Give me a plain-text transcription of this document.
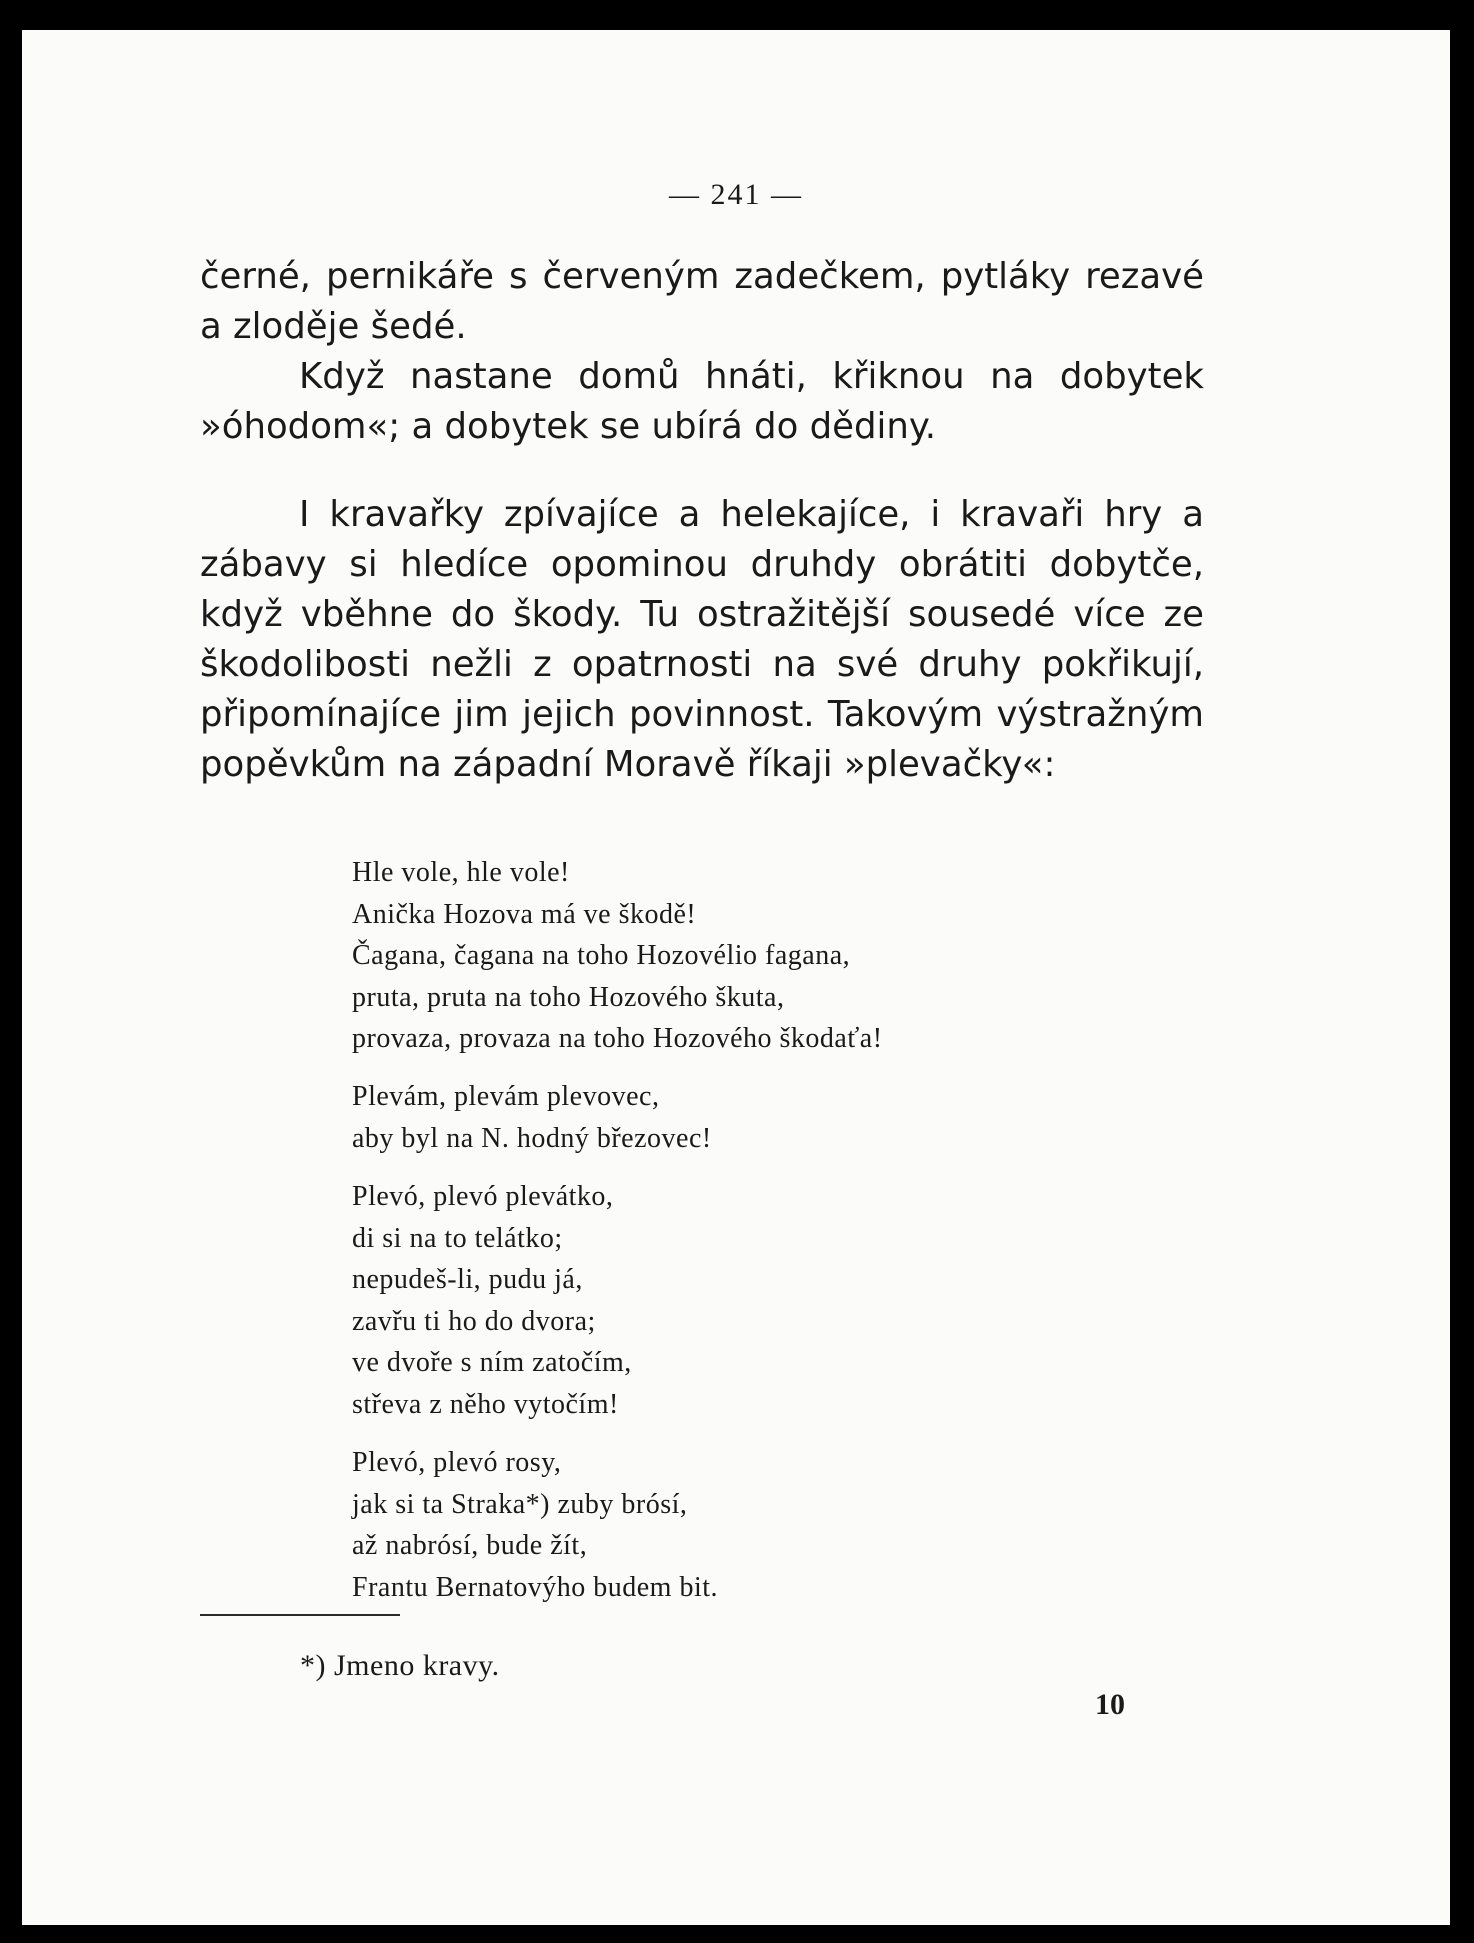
— 241 —

černé, pernikáře s červeným zadečkem, pytláky rezavé a zloděje šedé.

Když nastane domů hnáti, křiknou na dobytek »óhodom«; a dobytek se ubírá do dědiny.

I kravařky zpívajíce a helekajíce, i kravaři hry a zábavy si hledíce opominou druhdy obrátiti dobytče, když vběhne do škody. Tu ostražitější sousedé více ze škodolibosti nežli z opatrnosti na své druhy pokřikují, připomínajíce jim jejich povinnost. Takovým výstražným popěvkům na západní Moravě říkaji »plevačky«:

Hle vole, hle vole!
Anička Hozova má ve škodě!
Čagana, čagana na toho Hozovélio fagana,
pruta, pruta na toho Hozového škuta,
provaza, provaza na toho Hozového škodaťa!
Plevám, plevám plevovec,
aby byl na N. hodný březovec!
Plevó, plevó plevátko,
di si na to telátko;
nepudeš-li, pudu já,
zavřu ti ho do dvora;
ve dvoře s ním zatočím,
střeva z něho vytočím!
Plevó, plevó rosy,
jak si ta Straka*) zuby brósí,
až nabrósí, bude žít,
Frantu Bernatovýho budem bit.
*) Jmeno kravy.
10
